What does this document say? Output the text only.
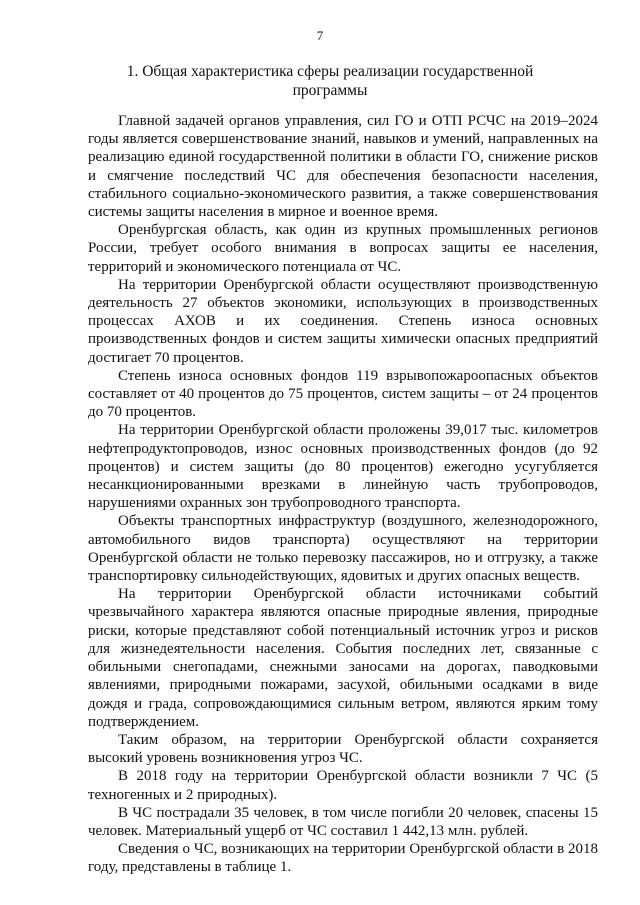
7
1. Общая характеристика сферы реализации государственной программы

Главной задачей органов управления, сил ГО и ОТП РСЧС на 2019–2024 годы является совершенствование знаний, навыков и умений, направленных на реализацию единой государственной политики в области ГО, снижение рисков и смягчение последствий ЧС для обеспечения безопасности населения, стабильного социально-экономического развития, а также совершенствования системы защиты населения в мирное и военное время.

Оренбургская область, как один из крупных промышленных регионов России, требует особого внимания в вопросах защиты ее населения, территорий и экономического потенциала от ЧС.

На территории Оренбургской области осуществляют производственную деятельность 27 объектов экономики, использующих в производственных процессах АХОВ и их соединения. Степень износа основных производственных фондов и систем защиты химически опасных предприятий достигает 70 процентов.

Степень износа основных фондов 119 взрывопожароопасных объектов составляет от 40 процентов до 75 процентов, систем защиты – от 24 процентов до 70 процентов.

На территории Оренбургской области проложены 39,017 тыс. километров нефтепродуктопроводов, износ основных производственных фондов (до 92 процентов) и систем защиты (до 80 процентов) ежегодно усугубляется несанкционированными врезками в линейную часть трубопроводов, нарушениями охранных зон трубопроводного транспорта.

Объекты транспортных инфраструктур (воздушного, железнодорожного, автомобильного видов транспорта) осуществляют на территории Оренбургской области не только перевозку пассажиров, но и отгрузку, а также транспортировку сильнодействующих, ядовитых и других опасных веществ.

На территории Оренбургской области источниками событий чрезвычайного характера являются опасные природные явления, природные риски, которые представляют собой потенциальный источник угроз и рисков для жизнедеятельности населения. События последних лет, связанные с обильными снегопадами, снежными заносами на дорогах, паводковыми явлениями, природными пожарами, засухой, обильными осадками в виде дождя и града, сопровождающимися сильным ветром, являются ярким тому подтверждением.

Таким образом, на территории Оренбургской области сохраняется высокий уровень возникновения угроз ЧС.

В 2018 году на территории Оренбургской области возникли 7 ЧС (5 техногенных и 2 природных).

В ЧС пострадали 35 человек, в том числе погибли 20 человек, спасены 15 человек. Материальный ущерб от ЧС составил 1 442,13 млн. рублей.

Сведения о ЧС, возникающих на территории Оренбургской области в 2018 году, представлены в таблице 1.
